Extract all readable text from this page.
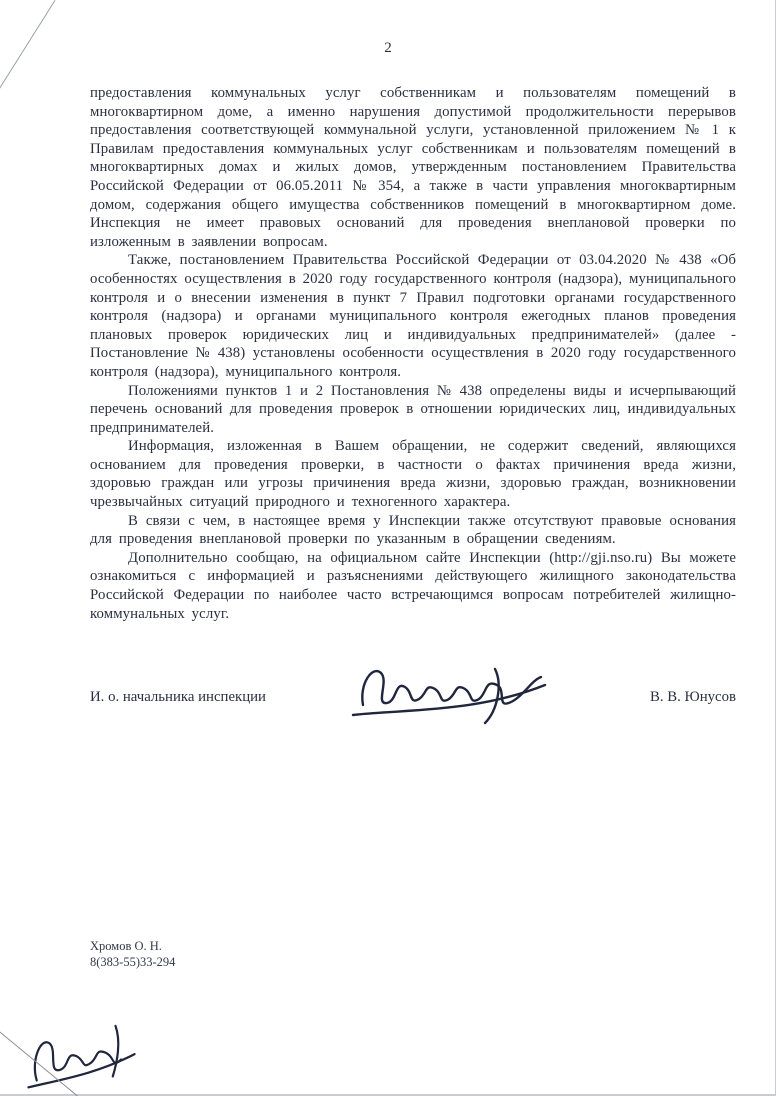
2

предоставления коммунальных услуг собственникам и пользователям помещений в многоквартирном доме, а именно нарушения допустимой продолжительности перерывов предоставления соответствующей коммунальной услуги, установленной приложением № 1 к Правилам предоставления коммунальных услуг собственникам и пользователям помещений в многоквартирных домах и жилых домов, утвержденным постановлением Правительства Российской Федерации от 06.05.2011 № 354, а также в части управления многоквартирным домом, содержания общего имущества собственников помещений в многоквартирном доме. Инспекция не имеет правовых оснований для проведения внеплановой проверки по изложенным в заявлении вопросам.

Также, постановлением Правительства Российской Федерации от 03.04.2020 № 438 «Об особенностях осуществления в 2020 году государственного контроля (надзора), муниципального контроля и о внесении изменения в пункт 7 Правил подготовки органами государственного контроля (надзора) и органами муниципального контроля ежегодных планов проведения плановых проверок юридических лиц и индивидуальных предпринимателей» (далее - Постановление № 438) установлены особенности осуществления в 2020 году государственного контроля (надзора), муниципального контроля.

Положениями пунктов 1 и 2 Постановления № 438 определены виды и исчерпывающий перечень оснований для проведения проверок в отношении юридических лиц, индивидуальных предпринимателей.

Информация, изложенная в Вашем обращении, не содержит сведений, являющихся основанием для проведения проверки, в частности о фактах причинения вреда жизни, здоровью граждан или угрозы причинения вреда жизни, здоровью граждан, возникновении чрезвычайных ситуаций природного и техногенного характера.

В связи с чем, в настоящее время у Инспекции также отсутствуют правовые основания для проведения внеплановой проверки по указанным в обращении сведениям.

Дополнительно сообщаю, на официальном сайте Инспекции (http://gji.nso.ru) Вы можете ознакомиться с информацией и разъяснениями действующего жилищного законодательства Российской Федерации по наиболее часто встречающимся вопросам потребителей жилищно-коммунальных услуг.

И. о. начальника инспекции	В. В. Юнусов
Хромов О. Н.
8(383-55)33-294
